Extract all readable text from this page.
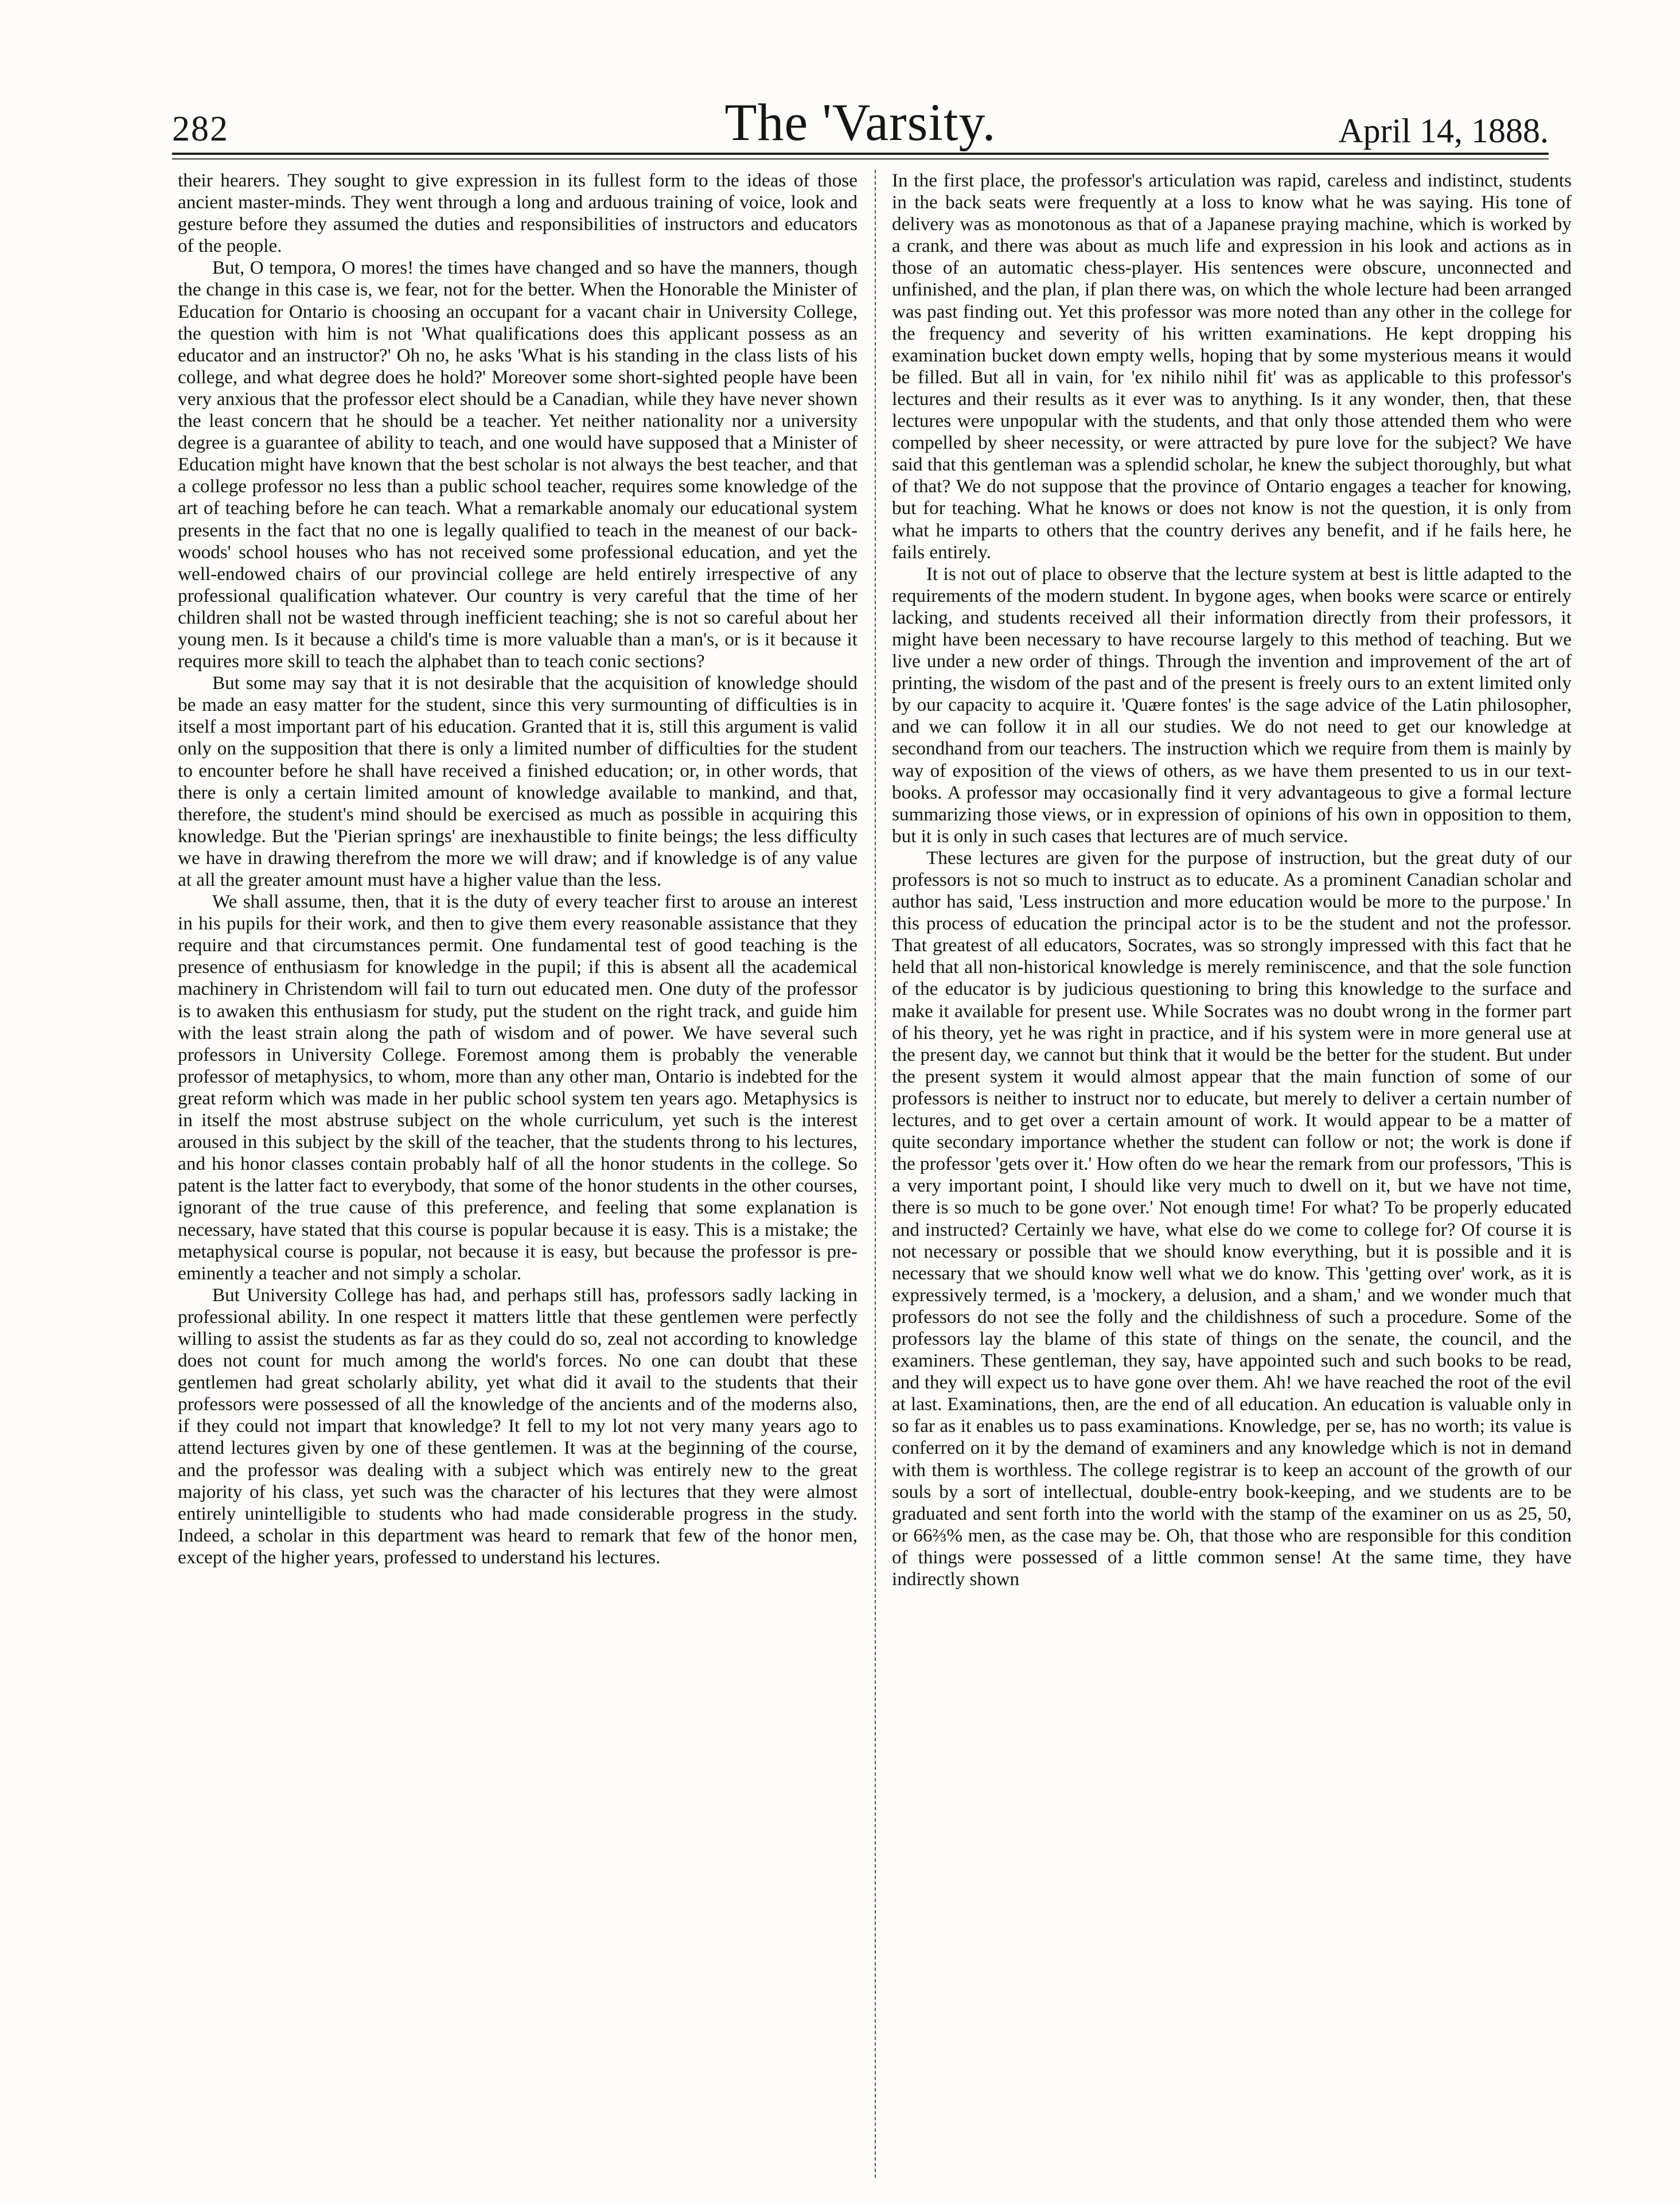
282	The 'Varsity.	April 14, 1888.

their hearers. They sought to give expression in its fullest form to the ideas of those ancient master-minds. They went through a long and arduous training of voice, look and gesture before they assumed the duties and responsibilities of instructors and educators of the people.

But, O tempora, O mores! the times have changed and so have the manners, though the change in this case is, we fear, not for the better. When the Honorable the Minister of Education for Ontario is choosing an occupant for a vacant chair in University College, the question with him is not 'What qualifications does this applicant possess as an educator and an instructor?' Oh no, he asks 'What is his standing in the class lists of his college, and what degree does he hold?' Moreover some short-sighted people have been very anxious that the professor elect should be a Canadian, while they have never shown the least concern that he should be a teacher. Yet neither nationality nor a university degree is a guarantee of ability to teach, and one would have supposed that a Minister of Education might have known that the best scholar is not always the best teacher, and that a college professor no less than a public school teacher, requires some knowledge of the art of teaching before he can teach. What a remarkable anomaly our educational system presents in the fact that no one is legally qualified to teach in the meanest of our back-woods' school houses who has not received some professional education, and yet the well-endowed chairs of our provincial college are held entirely irrespective of any professional qualification whatever. Our country is very careful that the time of her children shall not be wasted through inefficient teaching; she is not so careful about her young men. Is it because a child's time is more valuable than a man's, or is it because it requires more skill to teach the alphabet than to teach conic sections?

But some may say that it is not desirable that the acquisition of knowledge should be made an easy matter for the student, since this very surmounting of difficulties is in itself a most important part of his education. Granted that it is, still this argument is valid only on the supposition that there is only a limited number of difficulties for the student to encounter before he shall have received a finished education; or, in other words, that there is only a certain limited amount of knowledge available to mankind, and that, therefore, the student's mind should be exercised as much as possible in acquiring this knowledge. But the 'Pierian springs' are inexhaustible to finite beings; the less difficulty we have in drawing therefrom the more we will draw; and if knowledge is of any value at all the greater amount must have a higher value than the less.

We shall assume, then, that it is the duty of every teacher first to arouse an interest in his pupils for their work, and then to give them every reasonable assistance that they require and that circumstances permit. One fundamental test of good teaching is the presence of enthusiasm for knowledge in the pupil; if this is absent all the academical machinery in Christendom will fail to turn out educated men. One duty of the professor is to awaken this enthusiasm for study, put the student on the right track, and guide him with the least strain along the path of wisdom and of power. We have several such professors in University College. Foremost among them is probably the venerable professor of metaphysics, to whom, more than any other man, Ontario is indebted for the great reform which was made in her public school system ten years ago. Metaphysics is in itself the most abstruse subject on the whole curriculum, yet such is the interest aroused in this subject by the skill of the teacher, that the students throng to his lectures, and his honor classes contain probably half of all the honor students in the college. So patent is the latter fact to everybody, that some of the honor students in the other courses, ignorant of the true cause of this preference, and feeling that some explanation is necessary, have stated that this course is popular because it is easy. This is a mistake; the metaphysical course is popular, not because it is easy, but because the professor is pre-eminently a teacher and not simply a scholar.

But University College has had, and perhaps still has, professors sadly lacking in professional ability. In one respect it matters little that these gentlemen were perfectly willing to assist the students as far as they could do so, zeal not according to knowledge does not count for much among the world's forces. No one can doubt that these gentlemen had great scholarly ability, yet what did it avail to the students that their professors were possessed of all the knowledge of the ancients and of the moderns also, if they could not impart that knowledge? It fell to my lot not very many years ago to attend lectures given by one of these gentlemen. It was at the beginning of the course, and the professor was dealing with a subject which was entirely new to the great majority of his class, yet such was the character of his lectures that they were almost entirely unintelligible to students who had made considerable progress in the study. Indeed, a scholar in this department was heard to remark that few of the honor men, except of the higher years, professed to understand his lectures.

In the first place, the professor's articulation was rapid, careless and indistinct, students in the back seats were frequently at a loss to know what he was saying. His tone of delivery was as monotonous as that of a Japanese praying machine, which is worked by a crank, and there was about as much life and expression in his look and actions as in those of an automatic chess-player. His sentences were obscure, unconnected and unfinished, and the plan, if plan there was, on which the whole lecture had been arranged was past finding out. Yet this professor was more noted than any other in the college for the frequency and severity of his written examinations. He kept dropping his examination bucket down empty wells, hoping that by some mysterious means it would be filled. But all in vain, for 'ex nihilo nihil fit' was as applicable to this professor's lectures and their results as it ever was to anything. Is it any wonder, then, that these lectures were unpopular with the students, and that only those attended them who were compelled by sheer necessity, or were attracted by pure love for the subject? We have said that this gentleman was a splendid scholar, he knew the subject thoroughly, but what of that? We do not suppose that the province of Ontario engages a teacher for knowing, but for teaching. What he knows or does not know is not the question, it is only from what he imparts to others that the country derives any benefit, and if he fails here, he fails entirely.

It is not out of place to observe that the lecture system at best is little adapted to the requirements of the modern student. In bygone ages, when books were scarce or entirely lacking, and students received all their information directly from their professors, it might have been necessary to have recourse largely to this method of teaching. But we live under a new order of things. Through the invention and improvement of the art of printing, the wisdom of the past and of the present is freely ours to an extent limited only by our capacity to acquire it. 'Quære fontes' is the sage advice of the Latin philosopher, and we can follow it in all our studies. We do not need to get our knowledge at secondhand from our teachers. The instruction which we require from them is mainly by way of exposition of the views of others, as we have them presented to us in our text-books. A professor may occasionally find it very advantageous to give a formal lecture summarizing those views, or in expression of opinions of his own in opposition to them, but it is only in such cases that lectures are of much service.

These lectures are given for the purpose of instruction, but the great duty of our professors is not so much to instruct as to educate. As a prominent Canadian scholar and author has said, 'Less instruction and more education would be more to the purpose.' In this process of education the principal actor is to be the student and not the professor. That greatest of all educators, Socrates, was so strongly impressed with this fact that he held that all non-historical knowledge is merely reminiscence, and that the sole function of the educator is by judicious questioning to bring this knowledge to the surface and make it available for present use. While Socrates was no doubt wrong in the former part of his theory, yet he was right in practice, and if his system were in more general use at the present day, we cannot but think that it would be the better for the student. But under the present system it would almost appear that the main function of some of our professors is neither to instruct nor to educate, but merely to deliver a certain number of lectures, and to get over a certain amount of work. It would appear to be a matter of quite secondary importance whether the student can follow or not; the work is done if the professor 'gets over it.' How often do we hear the remark from our professors, 'This is a very important point, I should like very much to dwell on it, but we have not time, there is so much to be gone over.' Not enough time! For what? To be properly educated and instructed? Certainly we have, what else do we come to college for? Of course it is not necessary or possible that we should know everything, but it is possible and it is necessary that we should know well what we do know. This 'getting over' work, as it is expressively termed, is a 'mockery, a delusion, and a sham,' and we wonder much that professors do not see the folly and the childishness of such a procedure. Some of the professors lay the blame of this state of things on the senate, the council, and the examiners. These gentleman, they say, have appointed such and such books to be read, and they will expect us to have gone over them. Ah! we have reached the root of the evil at last. Examinations, then, are the end of all education. An education is valuable only in so far as it enables us to pass examinations. Knowledge, per se, has no worth; its value is conferred on it by the demand of examiners and any knowledge which is not in demand with them is worthless. The college registrar is to keep an account of the growth of our souls by a sort of intellectual, double-entry book-keeping, and we students are to be graduated and sent forth into the world with the stamp of the examiner on us as 25, 50, or 66⅔% men, as the case may be. Oh, that those who are responsible for this condition of things were possessed of a little common sense! At the same time, they have indirectly shown
